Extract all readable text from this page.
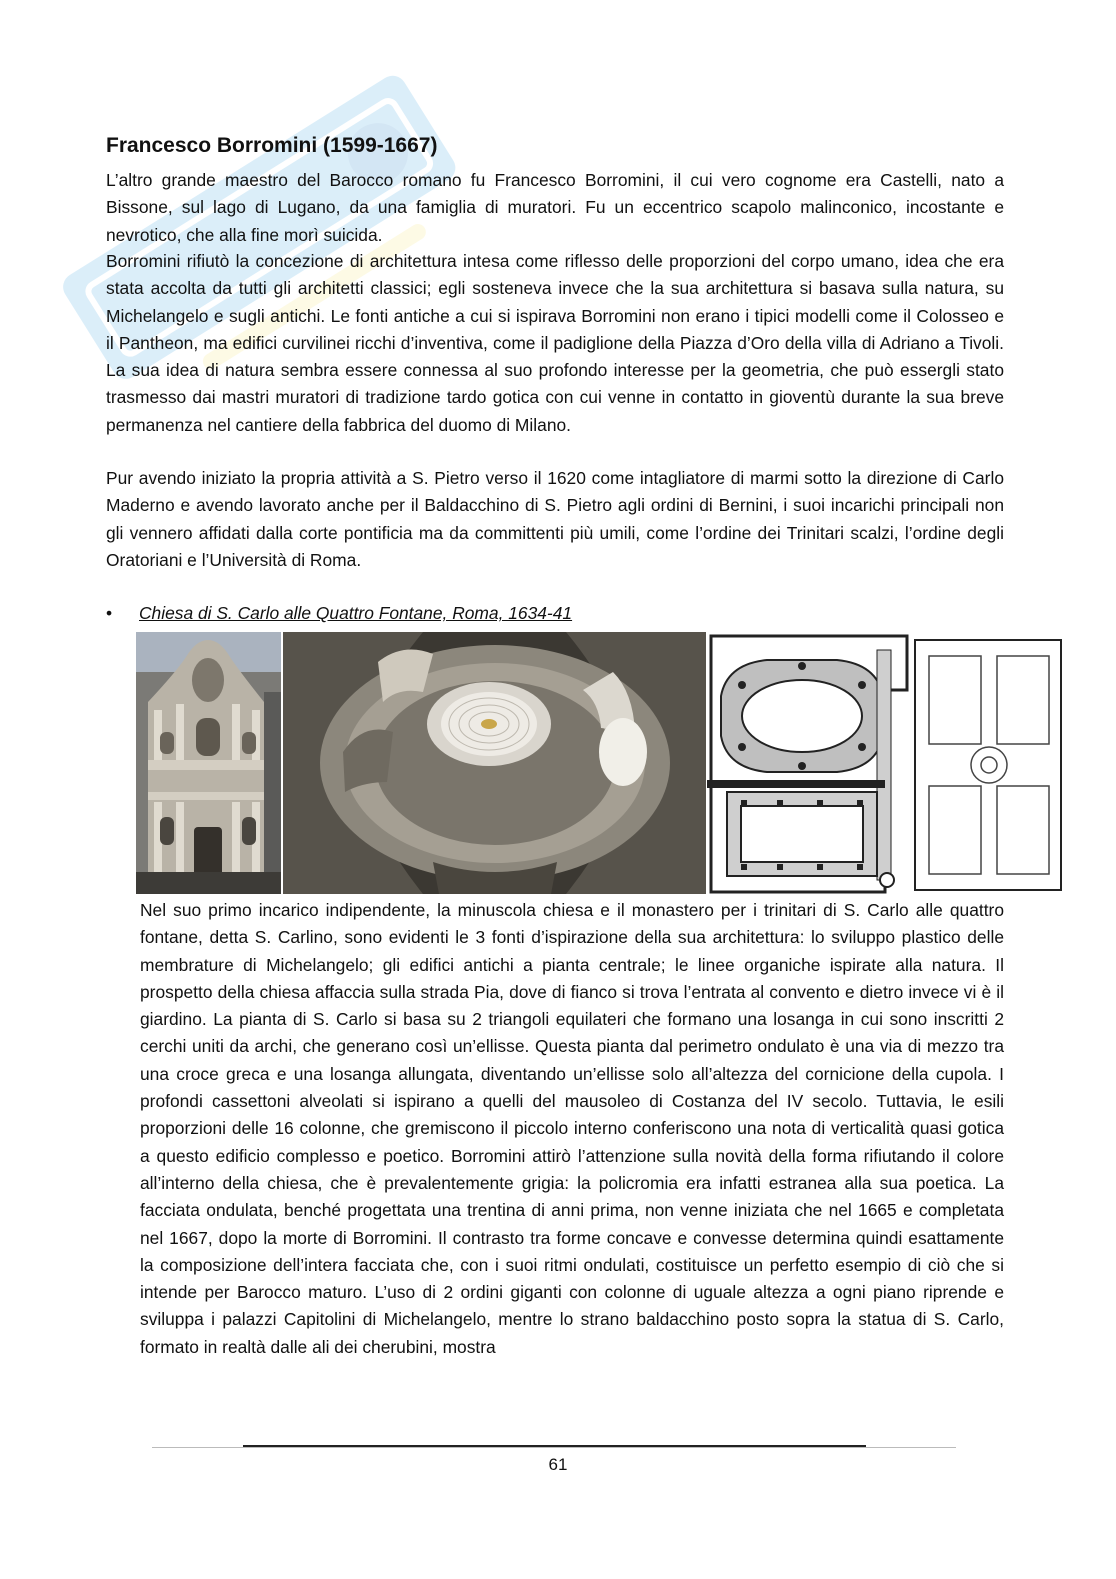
Francesco Borromini (1599-1667)

L’altro grande maestro del Barocco romano fu Francesco Borromini, il cui vero cognome era Castelli, nato a Bissone, sul lago di Lugano, da una famiglia di muratori. Fu un eccentrico scapolo malinconico, incostante e nevrotico, che alla fine morì suicida.

Borromini rifiutò la concezione di architettura intesa come riflesso delle proporzioni del corpo umano, idea che era stata accolta da tutti gli architetti classici; egli sosteneva invece che la sua architettura si basava sulla natura, su Michelangelo e sugli antichi. Le fonti antiche a cui si ispirava Borromini non erano i tipici modelli come il Colosseo e il Pantheon, ma edifici curvilinei ricchi d’inventiva, come il padiglione della Piazza d’Oro della villa di Adriano a Tivoli. La sua idea di natura sembra essere connessa al suo profondo interesse per la geometria, che può essergli stato trasmesso dai mastri muratori di tradizione tardo gotica con cui venne in contatto in gioventù durante la sua breve permanenza nel cantiere della fabbrica del duomo di Milano.

Pur avendo iniziato la propria attività a S. Pietro verso il 1620 come intagliatore di marmi sotto la direzione di Carlo Maderno e avendo lavorato anche per il Baldacchino di S. Pietro agli ordini di Bernini, i suoi incarichi principali non gli vennero affidati dalla corte pontificia ma da committenti più umili, come l’ordine dei Trinitari scalzi, l’ordine degli Oratoriani e l’Università di Roma.

• Chiesa di S. Carlo alle Quattro Fontane, Roma, 1634-41

Nel suo primo incarico indipendente, la minuscola chiesa e il monastero per i trinitari di S. Carlo alle quattro fontane, detta S. Carlino, sono evidenti le 3 fonti d’ispirazione della sua architettura: lo sviluppo plastico delle membrature di Michelangelo; gli edifici antichi a pianta centrale; le linee organiche ispirate alla natura. Il prospetto della chiesa affaccia sulla strada Pia, dove di fianco si trova l’entrata al convento e dietro invece vi è il giardino. La pianta di S. Carlo si basa su 2 triangoli equilateri che formano una losanga in cui sono inscritti 2 cerchi uniti da archi, che generano così un’ellisse. Questa pianta dal perimetro ondulato è una via di mezzo tra una croce greca e una losanga allungata, diventando un’ellisse solo all’altezza del cornicione della cupola. I profondi cassettoni alveolati si ispirano a quelli del mausoleo di Costanza del IV secolo. Tuttavia, le esili proporzioni delle 16 colonne, che gremiscono il piccolo interno conferiscono una nota di verticalità quasi gotica a questo edificio complesso e poetico. Borromini attirò l’attenzione sulla novità della forma rifiutando il colore all’interno della chiesa, che è prevalentemente grigia: la policromia era infatti estranea alla sua poetica. La facciata ondulata, benché progettata una trentina di anni prima, non venne iniziata che nel 1665 e completata nel 1667, dopo la morte di Borromini. Il contrasto tra forme concave e convesse determina quindi esattamente la composizione dell’intera facciata che, con i suoi ritmi ondulati, costituisce un perfetto esempio di ciò che si intende per Barocco maturo. L’uso di 2 ordini giganti con colonne di uguale altezza a ogni piano riprende e sviluppa i palazzi Capitolini di Michelangelo, mentre lo strano baldacchino posto sopra la statua di S. Carlo, formato in realtà dalle ali dei cherubini, mostra

61
